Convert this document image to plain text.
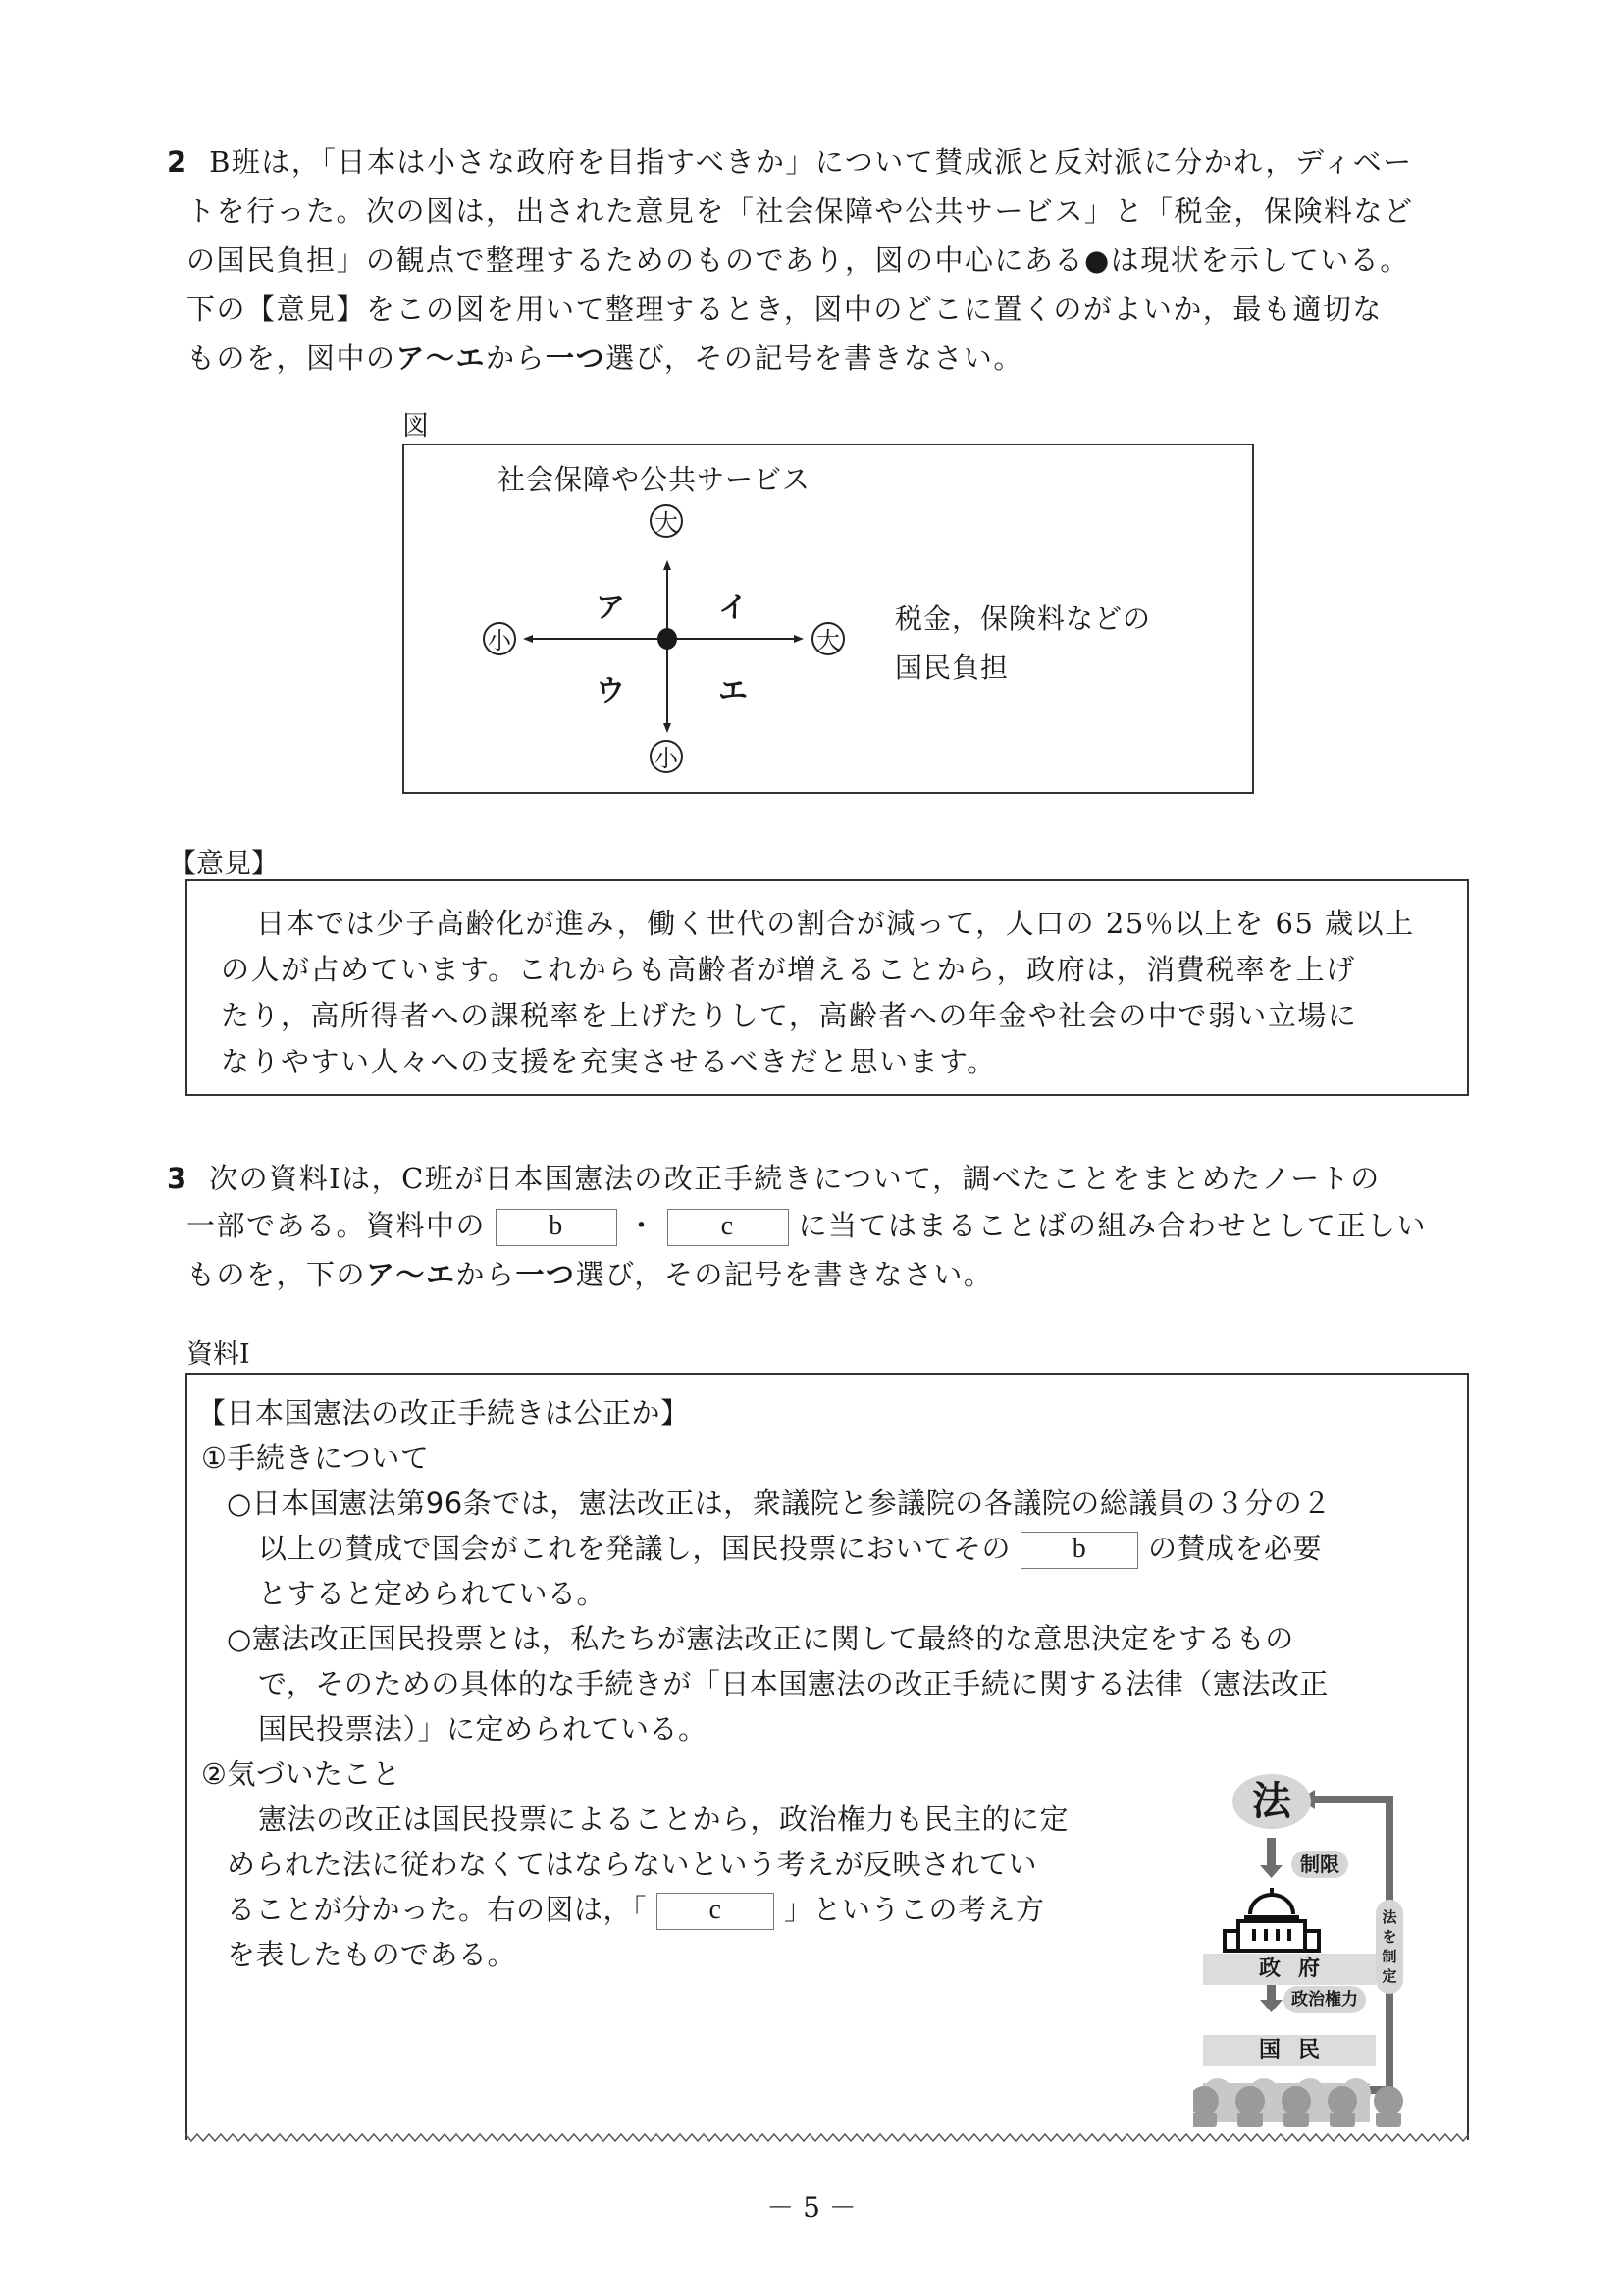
2 B班は，「日本は小さな政府を目指すべきか」について賛成派と反対派に分かれ，ディベー
トを行った。次の図は，出された意見を「社会保障や公共サービス」と「税金，保険料など
の国民負担」の観点で整理するためのものであり，図の中心にある●は現状を示している。
下の【意見】をこの図を用いて整理するとき，図中のどこに置くのがよいか，最も適切な
ものを，図中のア～エから一つ選び，その記号を書きなさい。
図
社会保障や公共サービス
大
小
小	大
ア	イ
ウ	エ
税金，保険料などの
国民負担
【意見】
日本では少子高齢化が進み，働く世代の割合が減って，人口の 25％以上を 65 歳以上
の人が占めています。これからも高齢者が増えることから，政府は，消費税率を上げ
たり，高所得者への課税率を上げたりして，高齢者への年金や社会の中で弱い立場に
なりやすい人々への支援を充実させるべきだと思います。
3 次の資料Ⅰは，C班が日本国憲法の改正手続きについて，調べたことをまとめたノートの
一部である。資料中の b ・ c に当てはまることばの組み合わせとして正しい
ものを，下のア～エから一つ選び，その記号を書きなさい。
資料Ⅰ
【日本国憲法の改正手続きは公正か】
①手続きについて
○日本国憲法第96条では，憲法改正は，衆議院と参議院の各議院の総議員の３分の２
以上の賛成で国会がこれを発議し，国民投票においてその b の賛成を必要
とすると定められている。
○憲法改正国民投票とは，私たちが憲法改正に関して最終的な意思決定をするもの
で，そのための具体的な手続きが「日本国憲法の改正手続に関する法律（憲法改正
国民投票法）」に定められている。
②気づいたこと
憲法の改正は国民投票によることから，政治権力も民主的に定
められた法に従わなくてはならないという考えが反映されてい
ることが分かった。右の図は，「 c 」というこの考え方
を表したものである。
法
制限
政府
政治権力
国民
法
を
制
定
－ 5 －
